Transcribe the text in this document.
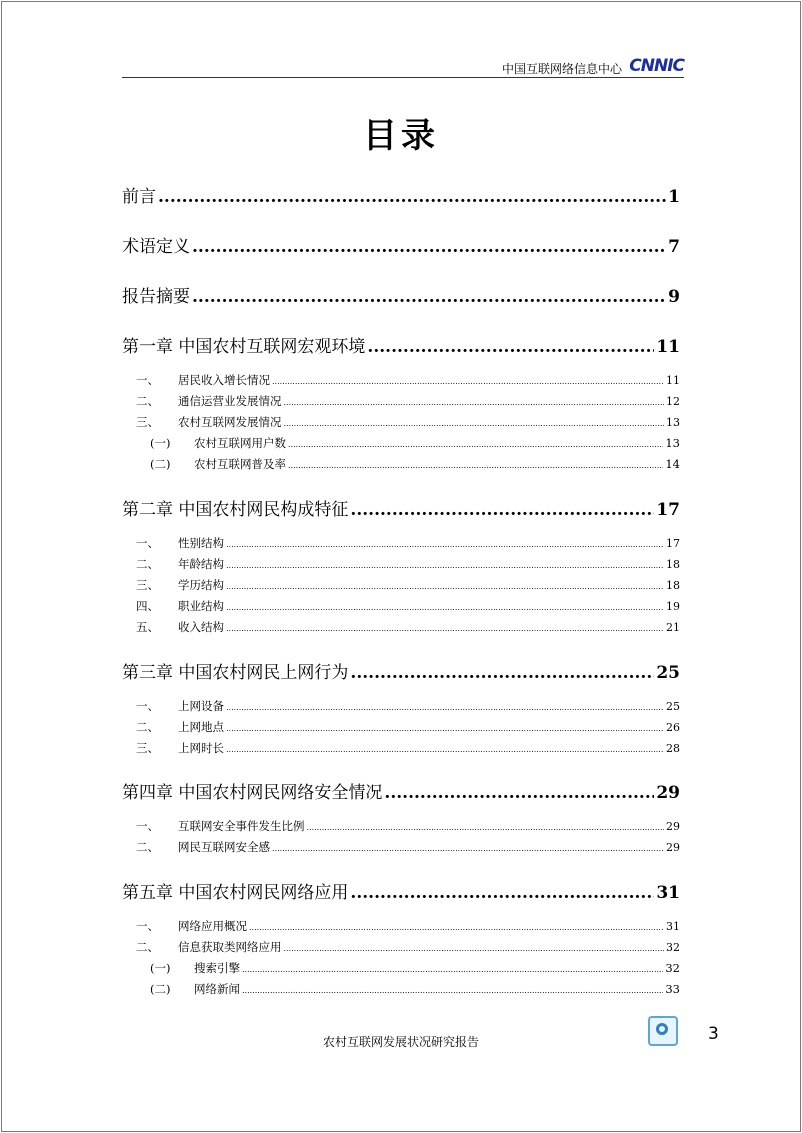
中国互联网络信息中心 CNNIC
目录
前言 .....	1
术语定义 .....	7
报告摘要 .....	9
第一章 中国农村互联网宏观环境 .....	11
一、 居民收入增长情况 .....	11
二、 通信运营业发展情况 .....	12
三、 农村互联网发展情况 .....	13
(一) 农村互联网用户数 .....	13
(二) 农村互联网普及率 .....	14
第二章 中国农村网民构成特征 .....	17
一、 性别结构 .....	17
二、 年龄结构 .....	18
三、 学历结构 .....	18
四、 职业结构 .....	19
五、 收入结构 .....	21
第三章 中国农村网民上网行为 .....	25
一、 上网设备 .....	25
二、 上网地点 .....	26
三、 上网时长 .....	28
第四章 中国农村网民网络安全情况 .....	29
一、 互联网安全事件发生比例 .....	29
二、 网民互联网安全感 .....	29
第五章 中国农村网民网络应用 .....	31
一、 网络应用概况 .....	31
二、 信息获取类网络应用 .....	32
(一) 搜索引擎 .....	32
(二) 网络新闻 .....	33
农村互联网发展状况研究报告	3
